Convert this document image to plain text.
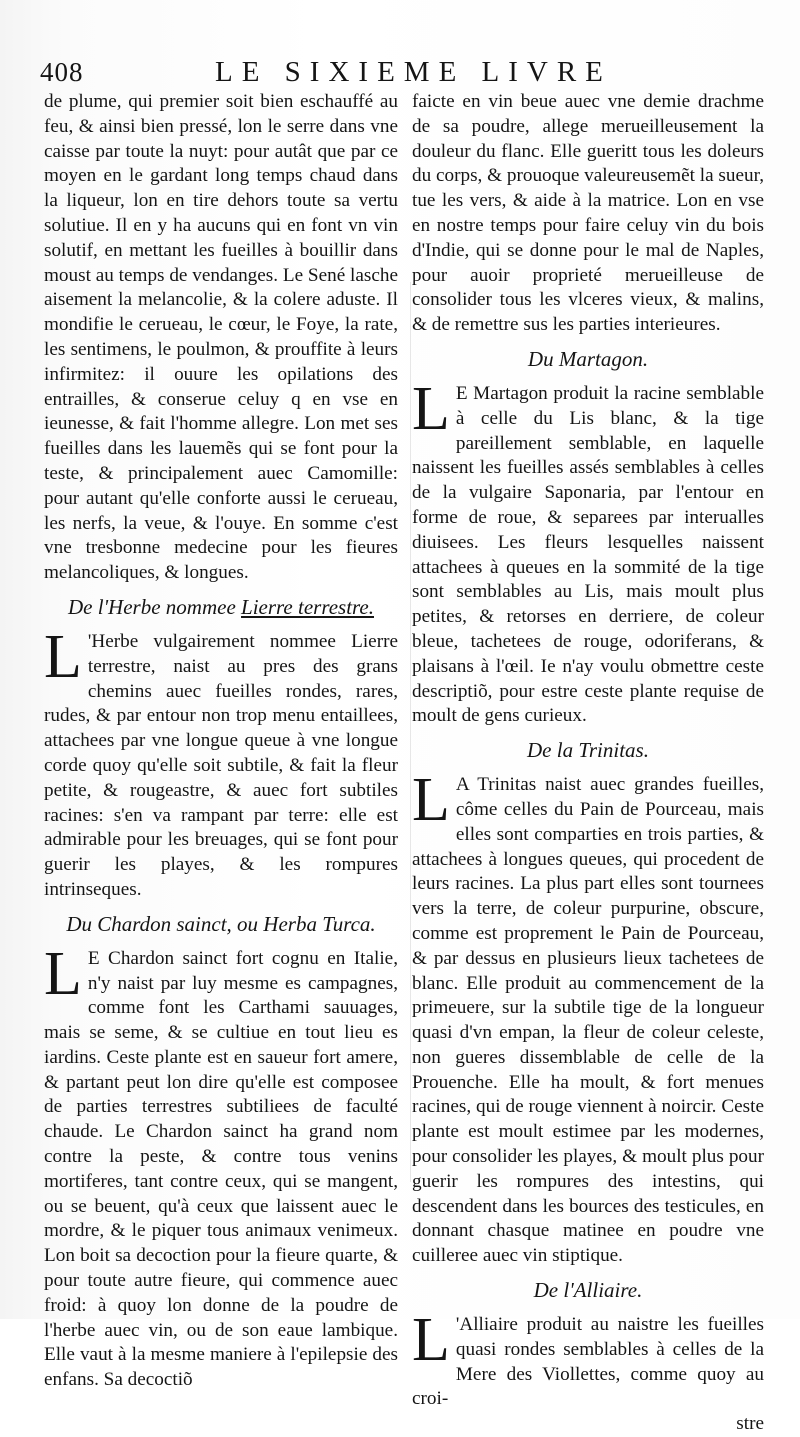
408	LE SIXIEME LIVRE

de plume, qui premier soit bien eschauffé au feu, & ainsi bien pressé, lon le serre dans vne caisse par toute la nuyt: pour autât que par ce moyen en le gardant long temps chaud dans la liqueur, lon en tire dehors toute sa vertu solutiue. Il en y ha aucuns qui en font vn vin solutif, en mettant les fueilles à bouillir dans moust au temps de vendanges. Le Sené lasche aisement la melancolie, & la colere aduste. Il mondifie le cerueau, le cœur, le Foye, la rate, les sentimens, le poulmon, & prouffite à leurs infirmitez: il ouure les opilations des entrailles, & conserue celuy q en vse en ieunesse, & fait l'homme allegre. Lon met ses fueilles dans les lauemẽs qui se font pour la teste, & principalement auec Camomille: pour autant qu'elle conforte aussi le cerueau, les nerfs, la veue, & l'ouye. En somme c'est vne tresbonne medecine pour les fieures melancoliques, & longues.

De l'Herbe nommee Lierre terrestre.

L 'Herbe vulgairement nommee Lierre terrestre, naist au pres des grans chemins auec fueilles rondes, rares, rudes, & par entour non trop menu entaillees, attachees par vne longue queue à vne longue corde quoy qu'elle soit subtile, & fait la fleur petite, & rougeastre, & auec fort subtiles racines: s'en va rampant par terre: elle est admirable pour les breuages, qui se font pour guerir les playes, & les rompures intrinseques.

Du Chardon sainct, ou Herba Turca.

L E Chardon sainct fort cognu en Italie, n'y naist par luy mesme es campagnes, comme font les Carthami sauuages, mais se seme, & se cultiue en tout lieu es iardins. Ceste plante est en saueur fort amere, & partant peut lon dire qu'elle est composee de parties terrestres subtiliees de faculté chaude. Le Chardon sainct ha grand nom contre la peste, & contre tous venins mortiferes, tant contre ceux, qui se mangent, ou se beuent, qu'à ceux que laissent auec le mordre, & le piquer tous animaux venimeux. Lon boit sa decoction pour la fieure quarte, & pour toute autre fieure, qui commence auec froid: à quoy lon donne de la poudre de l'herbe auec vin, ou de son eaue lambique. Elle vaut à la mesme maniere à l'epilepsie des enfans. Sa decoctiõ

faicte en vin beue auec vne demie drachme de sa poudre, allege merueilleusement la douleur du flanc. Elle gueritt tous les doleurs du corps, & prouoque valeureusemẽt la sueur, tue les vers, & aide à la matrice. Lon en vse en nostre temps pour faire celuy vin du bois d'Indie, qui se donne pour le mal de Naples, pour auoir proprieté merueilleuse de consolider tous les vlceres vieux, & malins, & de remettre sus les parties interieures.

Du Martagon.

L E Martagon produit la racine semblable à celle du Lis blanc, & la tige pareillement semblable, en laquelle naissent les fueilles assés semblables à celles de la vulgaire Saponaria, par l'entour en forme de roue, & separees par interualles diuisees. Les fleurs lesquelles naissent attachees à queues en la sommité de la tige sont semblables au Lis, mais moult plus petites, & retorses en derriere, de coleur bleue, tachetees de rouge, odoriferans, & plaisans à l'œil. Ie n'ay voulu obmettre ceste descriptiõ, pour estre ceste plante requise de moult de gens curieux.

De la Trinitas.

L A Trinitas naist auec grandes fueilles, côme celles du Pain de Pourceau, mais elles sont comparties en trois parties, & attachees à longues queues, qui procedent de leurs racines. La plus part elles sont tournees vers la terre, de coleur purpurine, obscure, comme est proprement le Pain de Pourceau, & par dessus en plusieurs lieux tachetees de blanc. Elle produit au commencement de la primeuere, sur la subtile tige de la longueur quasi d'vn empan, la fleur de coleur celeste, non gueres dissemblable de celle de la Prouenche. Elle ha moult, & fort menues racines, qui de rouge viennent à noircir. Ceste plante est moult estimee par les modernes, pour consolider les playes, & moult plus pour guerir les rompures des intestins, qui descendent dans les bources des testicules, en donnant chasque matinee en poudre vne cuilleree auec vin stiptique.

De l'Alliaire.

L 'Alliaire produit au naistre les fueilles quasi rondes semblables à celles de la Mere des Viollettes, comme quoy au croi-

stre
